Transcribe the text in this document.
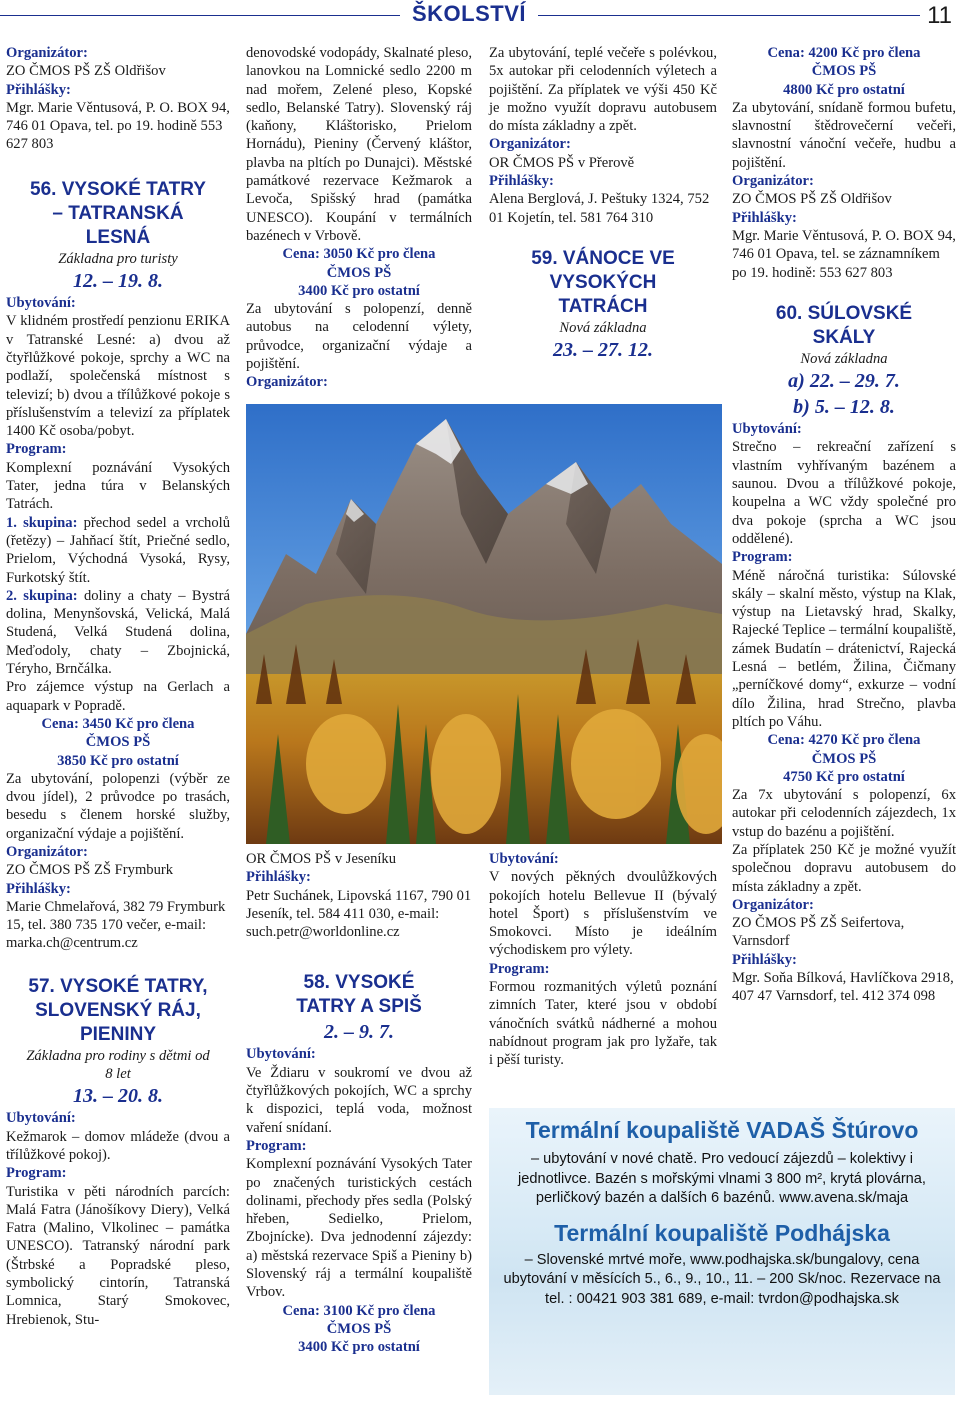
ŠKOLSTVÍ	11

Organizátor:
ZO ČMOS PŠ ZŠ Oldřišov

Přihlášky:
Mgr. Marie Věntusová, P. O. BOX 94, 746 01 Opava, tel. po 19. hodině 553 627 803

56. VYSOKÉ TATRY – TATRANSKÁ LESNÁ

Základna pro turisty

12. – 19. 8.

Ubytování:
V klidném prostředí penzionu ERIKA v Tatranské Lesné: a) dvou až čtyřlůžkové pokoje, sprchy a WC na podlaží, společenská místnost s televizí; b) dvou a třílůžkové pokoje s příslušenstvím a televizí za příplatek 1400 Kč osoba/pobyt.

Program:
Komplexní poznávání Vysokých Tater, jedna túra v Belanských Tatrách.

1. skupina: přechod sedel a vrcholů (řetězy) – Jahňací štít, Priečné sedlo, Prielom, Východná Vysoká, Rysy, Furkotský štít.

2. skupina: doliny a chaty – Bystrá dolina, Menynšovská, Velická, Malá Studená, Velká Studená dolina, Meďodoly, chaty – Zbojnická, Téryho, Brnčálka.

Pro zájemce výstup na Gerlach a aquapark v Popradě.

Cena: 3450 Kč pro člena ČMOS PŠ

3850 Kč pro ostatní

Za ubytování, polopenzi (výběr ze dvou jídel), 2 průvodce po trasách, besedu s členem horské služby, organizační výdaje a pojištění.

Organizátor:
ZO ČMOS PŠ ZŠ Frymburk

Přihlášky:
Marie Chmelařová, 382 79 Frymburk 15, tel. 380 735 170 večer, e-mail: marka.ch@centrum.cz

57. VYSOKÉ TATRY, SLOVENSKÝ RÁJ, PIENINY

Základna pro rodiny s dětmi od 8 let

13. – 20. 8.

Ubytování:
Kežmarok – domov mládeže (dvou a třílůžkové pokoj).

Program:
Turistika v pěti národních parcích: Malá Fatra (Jánošíkovy Diery), Velká Fatra (Malino, Vlkolinec – památka UNESCO). Tatranský národní park (Štrbské a Popradské pleso, symbolický cintorín, Tatranská Lomnica, Starý Smokovec, Hrebienok, Stu-

denovodské vodopády, Skalnaté pleso, lanovkou na Lomnické sedlo 2200 m nad mořem, Zelené pleso, Kopské sedlo, Belanské Tatry). Slovenský ráj (kaňony, Kláštorisko, Prielom Hornádu), Pieniny (Červený kláštor, plavba na pltích po Dunajci). Městské památkové rezervace Kežmarok a Levoča, Spišský hrad (památka UNESCO). Koupání v termálních bazénech v Vrbově.

Cena: 3050 Kč pro člena ČMOS PŠ

3400 Kč pro ostatní

Za ubytování s polopenzí, denně autobus na celodenní výlety, průvodce, organizační výdaje a pojištění.

Organizátor:

OR ČMOS PŠ v Jeseníku

Přihlášky:
Petr Suchánek, Lipovská 1167, 790 01 Jeseník, tel. 584 411 030, e-mail: such.petr@worldonline.cz

58. VYSOKÉ TATRY A SPIŠ

2. – 9. 7.

Ubytování:
Ve Ždiaru v soukromí ve dvou až čtyřlůžkových pokojích, WC a sprchy k dispozici, teplá voda, možnost vaření snídaní.

Program:
Komplexní poznávání Vysokých Tater po značených turistických cestách dolinami, přechody přes sedla (Polský hřeben, Sedielko, Prielom, Zbojnícke). Dva jednodenní zájezdy: a) městská rezervace Spiš a Pieniny b) Slovenský ráj a termální koupaliště Vrbov.

Cena: 3100 Kč pro člena ČMOS PŠ

3400 Kč pro ostatní

Za ubytování, teplé večeře s polévkou, 5x autokar při celodenních výletech a pojištění. Za příplatek ve výši 450 Kč je možno využít dopravu autobusem do místa základny a zpět.

Organizátor:
OR ČMOS PŠ v Přerově

Přihlášky:
Alena Berglová, J. Peštuky 1324, 752 01 Kojetín, tel. 581 764 310

59. VÁNOCE VE VYSOKÝCH TATRÁCH

Nová základna

23. – 27. 12.

Ubytování:
V nových pěkných dvoulůžkových pokojích hotelu Bellevue II (bývalý hotel Šport) s příslušenstvím ve Smokovci. Místo je ideálním východiskem pro výlety.

Program:
Formou rozmanitých výletů poznání zimních Tater, které jsou v období vánočních svátků nádherné a mohou nabídnout program jak pro lyžaře, tak i pěší turisty.

Cena: 4200 Kč pro člena ČMOS PŠ

4800 Kč pro ostatní

Za ubytování, snídaně formou bufetu, slavnostní štědrovečerní večeři, slavnostní vánoční večeře, hudbu a pojištění.

Organizátor:
ZO ČMOS PŠ ZŠ Oldřišov

Přihlášky:
Mgr. Marie Věntusová, P. O. BOX 94, 746 01 Opava, tel. se záznamníkem po 19. hodině: 553 627 803

60. SÚLOVSKÉ SKÁLY

Nová základna

a) 22. – 29. 7.

b) 5. – 12. 8.

Ubytování:
Strečno – rekreační zařízení s vlastním vyhřívaným bazénem a saunou. Dvou a třílůžkové pokoje, koupelna a WC vždy společné pro dva pokoje (sprcha a WC jsou oddělené).

Program:
Méně náročná turistika: Súlovské skály – skalní město, výstup na Klak, výstup na Lietavský hrad, Skalky, Rajecké Teplice – termální koupaliště, zámek Budatín – drátenictví, Rajecká Lesná – betlém, Žilina, Čičmany „perníčkové domy“, exkurze – vodní dílo Žilina, hrad Strečno, plavba pltích po Váhu.

Cena: 4270 Kč pro člena ČMOS PŠ

4750 Kč pro ostatní

Za 7x ubytování s polopenzí, 6x autokar při celodenních zájezdech, 1x vstup do bazénu a pojištění.

Za příplatek 250 Kč je možné využít společnou dopravu autobusem do místa základny a zpět.

Organizátor:
ZO ČMOS PŠ ZŠ Seifertova, Varnsdorf

Přihlášky:
Mgr. Soňa Bílková, Havlíčkova 2918, 407 47 Varnsdorf, tel. 412 374 098

Termální koupaliště VADAŠ Štúrovo

– ubytování v nové chatě. Pro vedoucí zájezdů – kolektivy i jednotlivce. Bazén s mořskými vlnami 3 800 m², krytá plovárna, perličkový bazén a dalších 6 bazénů. www.avena.sk/maja

Termální koupaliště Podhájska

– Slovenské mrtvé moře, www.podhajska.sk/bungalovy, cena ubytování v měsících 5., 6., 9., 10., 11. – 200 Sk/noc. Rezervace na tel. : 00421 903 381 689, e-mail: tvrdon@podhajska.sk
